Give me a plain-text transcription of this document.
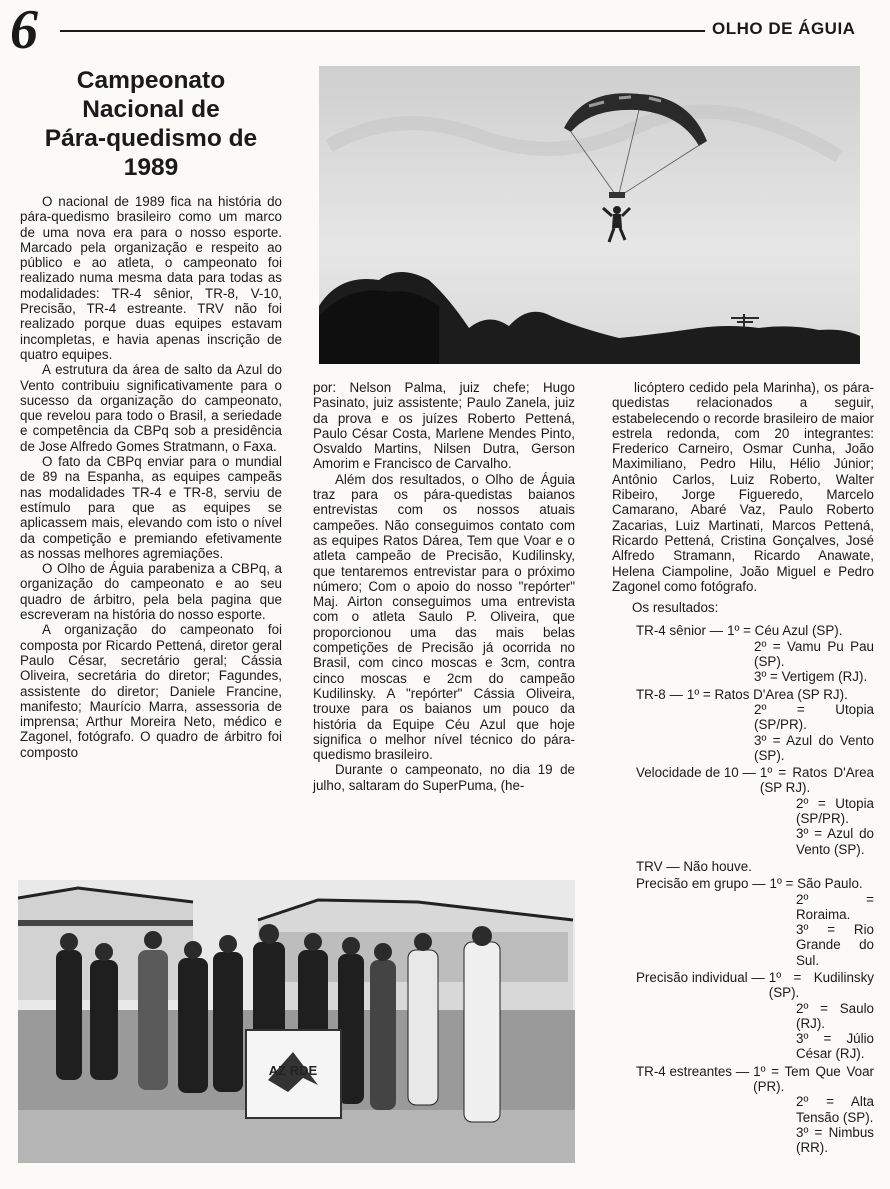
6	OLHO DE ÁGUIA
Campeonato
Nacional de
Pára-quedismo de
1989

O nacional de 1989 fica na história do pára-quedismo brasileiro como um marco de uma nova era para o nosso esporte. Marcado pela organização e respeito ao público e ao atleta, o campeonato foi realizado numa mesma data para todas as modalidades: TR-4 sênior, TR-8, V-10, Precisão, TR-4 estreante. TRV não foi realizado porque duas equipes estavam incompletas, e havia apenas inscrição de quatro equipes.

A estrutura da área de salto da Azul do Vento contribuiu significativamente para o sucesso da organização do campeonato, que revelou para todo o Brasil, a seriedade e competência da CBPq sob a presidência de Jose Alfredo Gomes Stratmann, o Faxa.

O fato da CBPq enviar para o mundial de 89 na Espanha, as equipes campeãs nas modalidades TR-4 e TR-8, serviu de estímulo para que as equipes se aplicassem mais, elevando com isto o nível da competição e premiando efetivamente as nossas melhores agremiações.

O Olho de Águia parabeniza a CBPq, a organização do campeonato e ao seu quadro de árbitro, pela bela pagina que escreveram na história do nosso esporte.

A organização do campeonato foi composta por Ricardo Pettená, diretor geral Paulo César, secretário geral; Cássia Oliveira, secretária do diretor; Fagundes, assistente do diretor; Daniele Francine, manifesto; Maurício Marra, assessoria de imprensa; Arthur Moreira Neto, médico e Zagonel, fotógrafo. O quadro de árbitro foi composto

por: Nelson Palma, juiz chefe; Hugo Pasinato, juiz assistente; Paulo Zanela, juiz da prova e os juízes Roberto Pettená, Paulo César Costa, Marlene Mendes Pinto, Osvaldo Martins, Nilsen Dutra, Gerson Amorim e Francisco de Carvalho.

Além dos resultados, o Olho de Águia traz para os pára-quedistas baianos entrevistas com os nossos atuais campeões. Não conseguimos contato com as equipes Ratos Dárea, Tem que Voar e o atleta campeão de Precisão, Kudilinsky, que tentaremos entrevistar para o próximo número; Com o apoio do nosso "repórter" Maj. Airton conseguimos uma entrevista com o atleta Saulo P. Oliveira, que proporcionou uma das mais belas competições de Precisão já ocorrida no Brasil, com cinco moscas e 3cm, contra cinco moscas e 2cm do campeão Kudilinsky. A "repórter" Cássia Oliveira, trouxe para os baianos um pouco da história da Equipe Céu Azul que hoje significa o melhor nível técnico do pára-quedismo brasileiro.

Durante o campeonato, no dia 19 de julho, saltaram do SuperPuma, (he-

licóptero cedido pela Marinha), os pára-quedistas relacionados a seguir, estabelecendo o recorde brasileiro de maior estrela redonda, com 20 integrantes: Frederico Carneiro, Osmar Cunha, João Maximiliano, Pedro Hilu, Hélio Júnior; Antônio Carlos, Luiz Roberto, Walter Ribeiro, Jorge Figueredo, Marcelo Camarano, Abaré Vaz, Paulo Roberto Zacarias, Luiz Martinati, Marcos Pettená, Ricardo Pettená, Cristina Gonçalves, José Alfredo Stramann, Ricardo Anawate, Helena Ciampoline, João Miguel e Pedro Zagonel como fotógrafo.

Os resultados:
TR-4 sênior — 1º = Céu Azul (SP).
2º = Vamu Pu Pau (SP).
3º = Vertigem (RJ).
TR-8 — 1º = Ratos D'Area (SP RJ).
2º = Utopia (SP/PR).
3º = Azul do Vento (SP).
Velocidade de 10 — 1º = Ratos D'Area (SP RJ).
2º = Utopia (SP/PR).
3º = Azul do Vento (SP).
TRV — Não houve.
Precisão em grupo — 1º = São Paulo.
2º = Roraima.
3º = Rio Grande do Sul.
Precisão individual — 1º = Kudilinsky (SP).
2º = Saulo (RJ).
3º = Júlio César (RJ).
TR-4 estreantes — 1º = Tem Que Voar (PR).
2º = Alta Tensão (SP).
3º = Nimbus (RR).
AZ RDE
